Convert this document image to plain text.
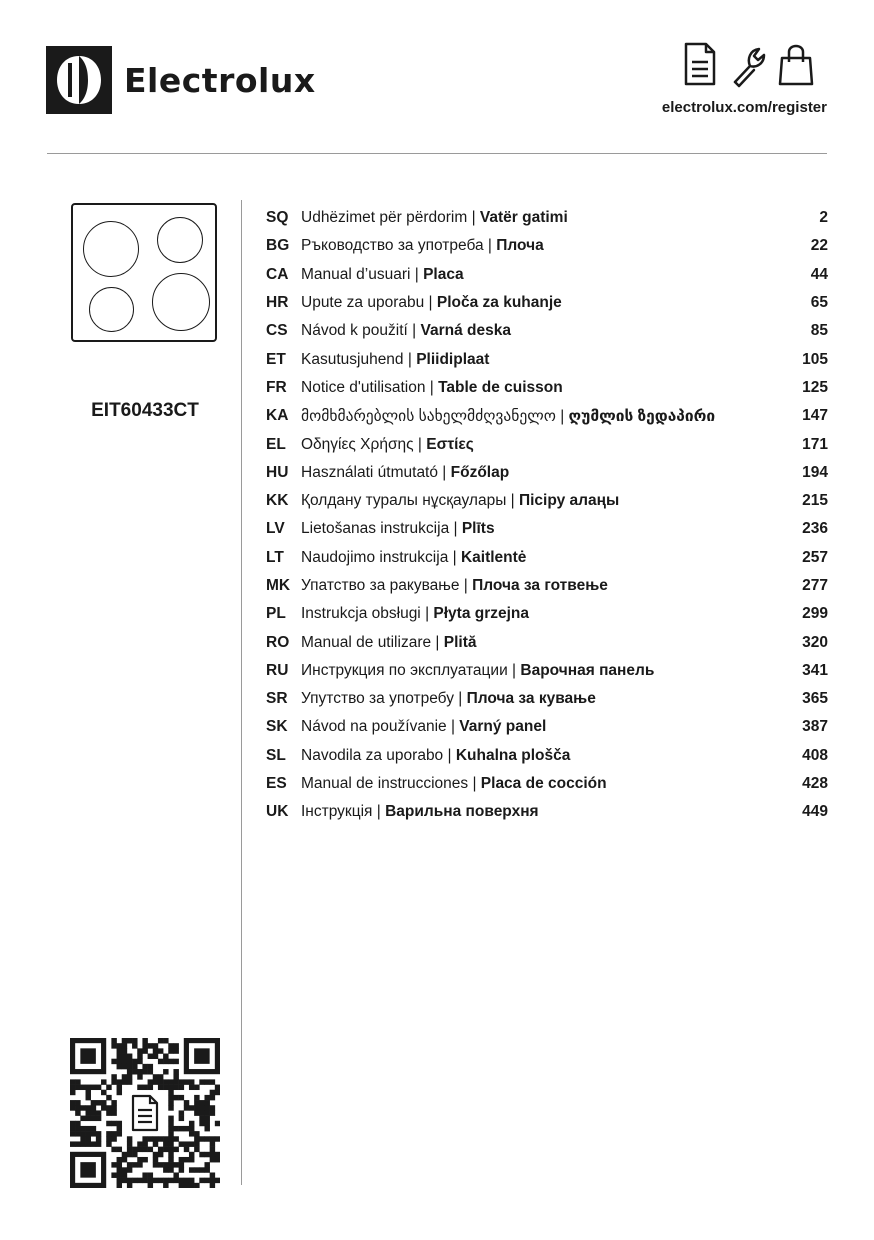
Electrolux
electrolux.com/register
EIT60433CT
SQ Udhëzimet për përdorim | Vatër gatimi	2
BG Ръководство за употреба | Плоча	22
CA Manual d’usuari | Placa	44
HR Upute za uporabu | Ploča za kuhanje	65
CS Návod k použití | Varná deska	85
ET Kasutusjuhend | Pliidiplaat	105
FR Notice d'utilisation | Table de cuisson	125
KA მომხმარებლის სახელმძღვანელო | ღუმლის ზედაპირი	147
EL Οδηγίες Χρήσης | Εστίες	171
HU Használati útmutató | Főzőlap	194
KK Қолдану туралы нұсқаулары | Пісіру алаңы	215
LV	Lietošanas instrukcija | Plīts	236
LT	Naudojimo instrukcija | Kaitlentė	257
MK Упатство за ракување | Плоча за готвење	277
PL Instrukcja obsługi | Płyta grzejna	299
RO Manual de utilizare | Plită	320
RU Инструкция по эксплуатации | Варочная панель	341
SR Упутство за употребу | Плоча за кување	365
SK Návod na používanie | Varný panel	387
SL Navodila za uporabo | Kuhalna plošča	408
ES Manual de instrucciones | Placa de cocción	428
UK Інструкція | Варильна поверхня	449
